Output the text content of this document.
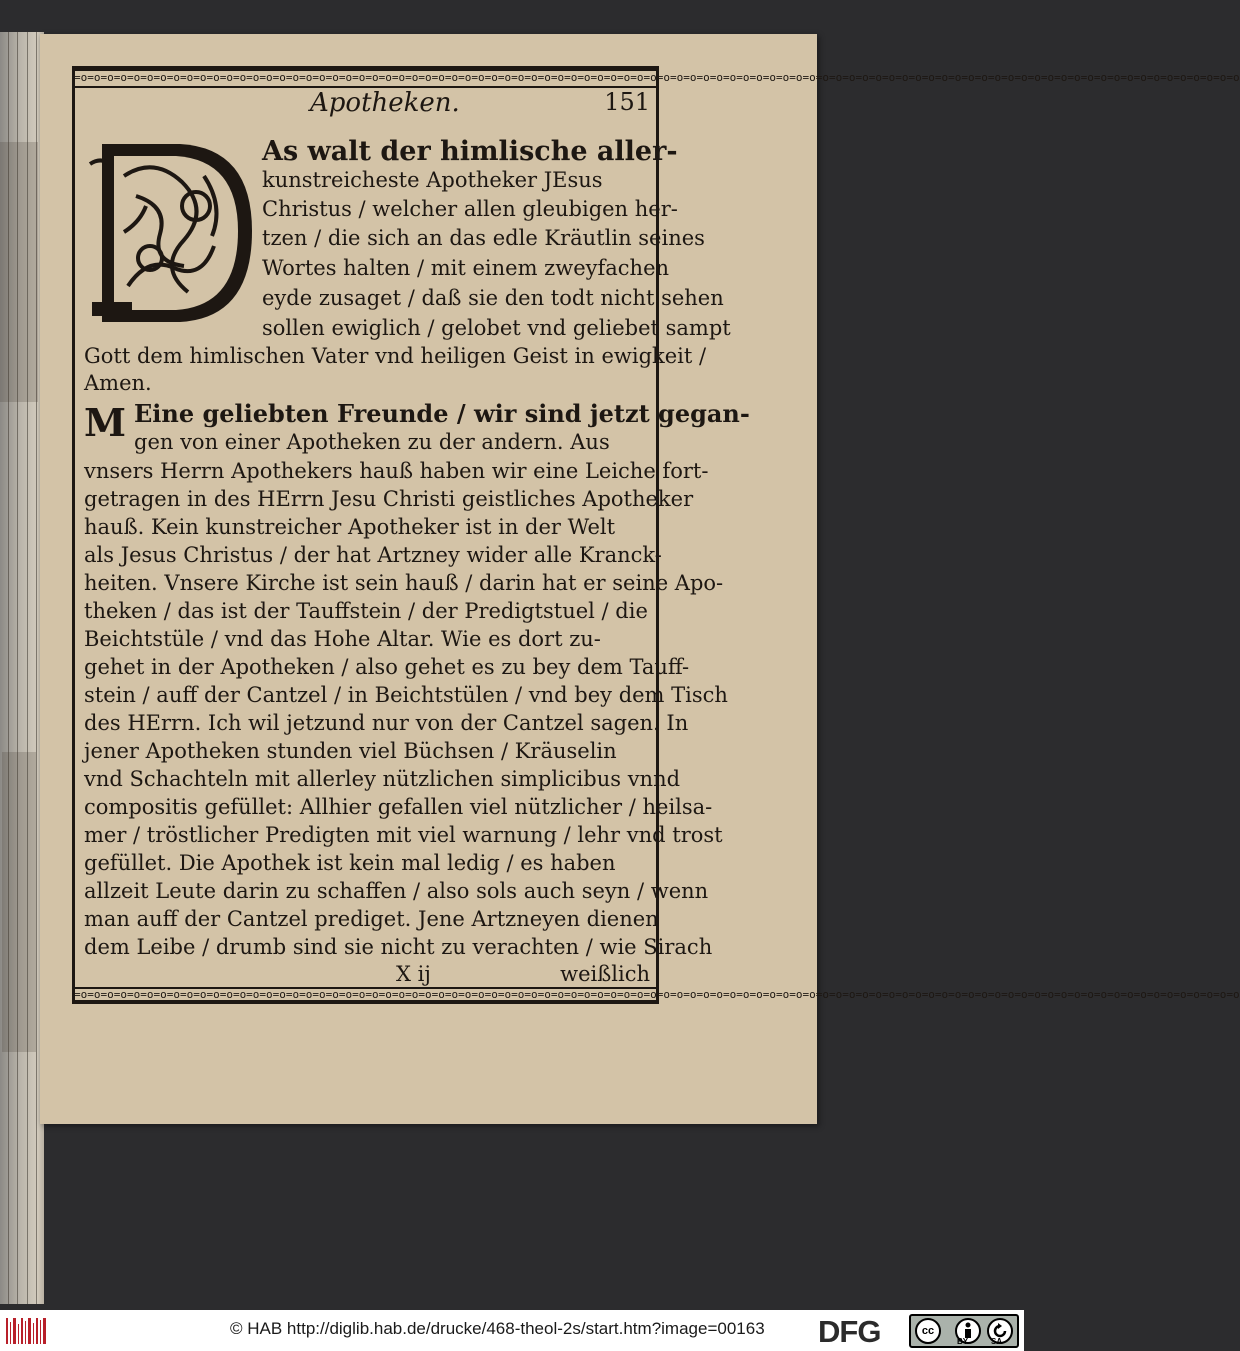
=o=o=o=o=o=o=o=o=o=o=o=o=o=o=o=o=o=o=o=o=o=o=o=o=o=o=o=o=o=o=o=o=o=o=o=o=o=o=o=o=o=o=o=o=o=o=o=o=o=o=o=o=o=o=o=o=o=o=o=o=o=o=o=o=o=o=o=o=o=o=o=o=o=o=o=o=o=o=o=o=o=o=o=o=o=o=o=o
Apotheken.	151
As walt der himlische aller-
kunstreicheste Apotheker JEsus
Christus / welcher allen gleubigen her-
tzen / die sich an das edle Kräutlin seines
Wortes halten / mit einem zweyfachen
eyde zusaget / daß sie den todt nicht sehen
sollen ewiglich / gelobet vnd geliebet sampt
Gott dem himlischen Vater vnd heiligen Geist in ewigkeit /
Amen.
M Eine geliebten Freunde / wir sind jetzt gegan-
gen von einer Apotheken zu der andern. Aus
vnsers Herrn Apothekers hauß haben wir eine Leiche fort-
getragen in des HErrn Jesu Christi geistliches Apotheker
hauß. Kein kunstreicher Apotheker ist in der Welt
als Jesus Christus / der hat Artzney wider alle Kranck-
heiten. Vnsere Kirche ist sein hauß / darin hat er seine Apo-
theken / das ist der Tauffstein / der Predigtstuel / die
Beichtstüle / vnd das Hohe Altar. Wie es dort zu-
gehet in der Apotheken / also gehet es zu bey dem Tauff-
stein / auff der Cantzel / in Beichtstülen / vnd bey dem Tisch
des HErrn. Ich wil jetzund nur von der Cantzel sagen. In
jener Apotheken stunden viel Büchsen / Kräuselin
vnd Schachteln mit allerley nützlichen simplicibus vnnd
compositis gefüllet: Allhier gefallen viel nützlicher / heilsa-
mer / tröstlicher Predigten mit viel warnung / lehr vnd trost
gefüllet. Die Apothek ist kein mal ledig / es haben
allzeit Leute darin zu schaffen / also sols auch seyn / wenn
man auff der Cantzel prediget. Jene Artzneyen dienen
dem Leibe / drumb sind sie nicht zu verachten / wie Sirach
X ij	weißlich
=o=o=o=o=o=o=o=o=o=o=o=o=o=o=o=o=o=o=o=o=o=o=o=o=o=o=o=o=o=o=o=o=o=o=o=o=o=o=o=o=o=o=o=o=o=o=o=o=o=o=o=o=o=o=o=o=o=o=o=o=o=o=o=o=o=o=o=o=o=o=o=o=o=o=o=o=o=o=o=o=o=o=o=o=o=o=o=o
© HAB http://diglib.hab.de/drucke/468-theol-2s/start.htm?image=00163 DFG	cc
BY	SA
